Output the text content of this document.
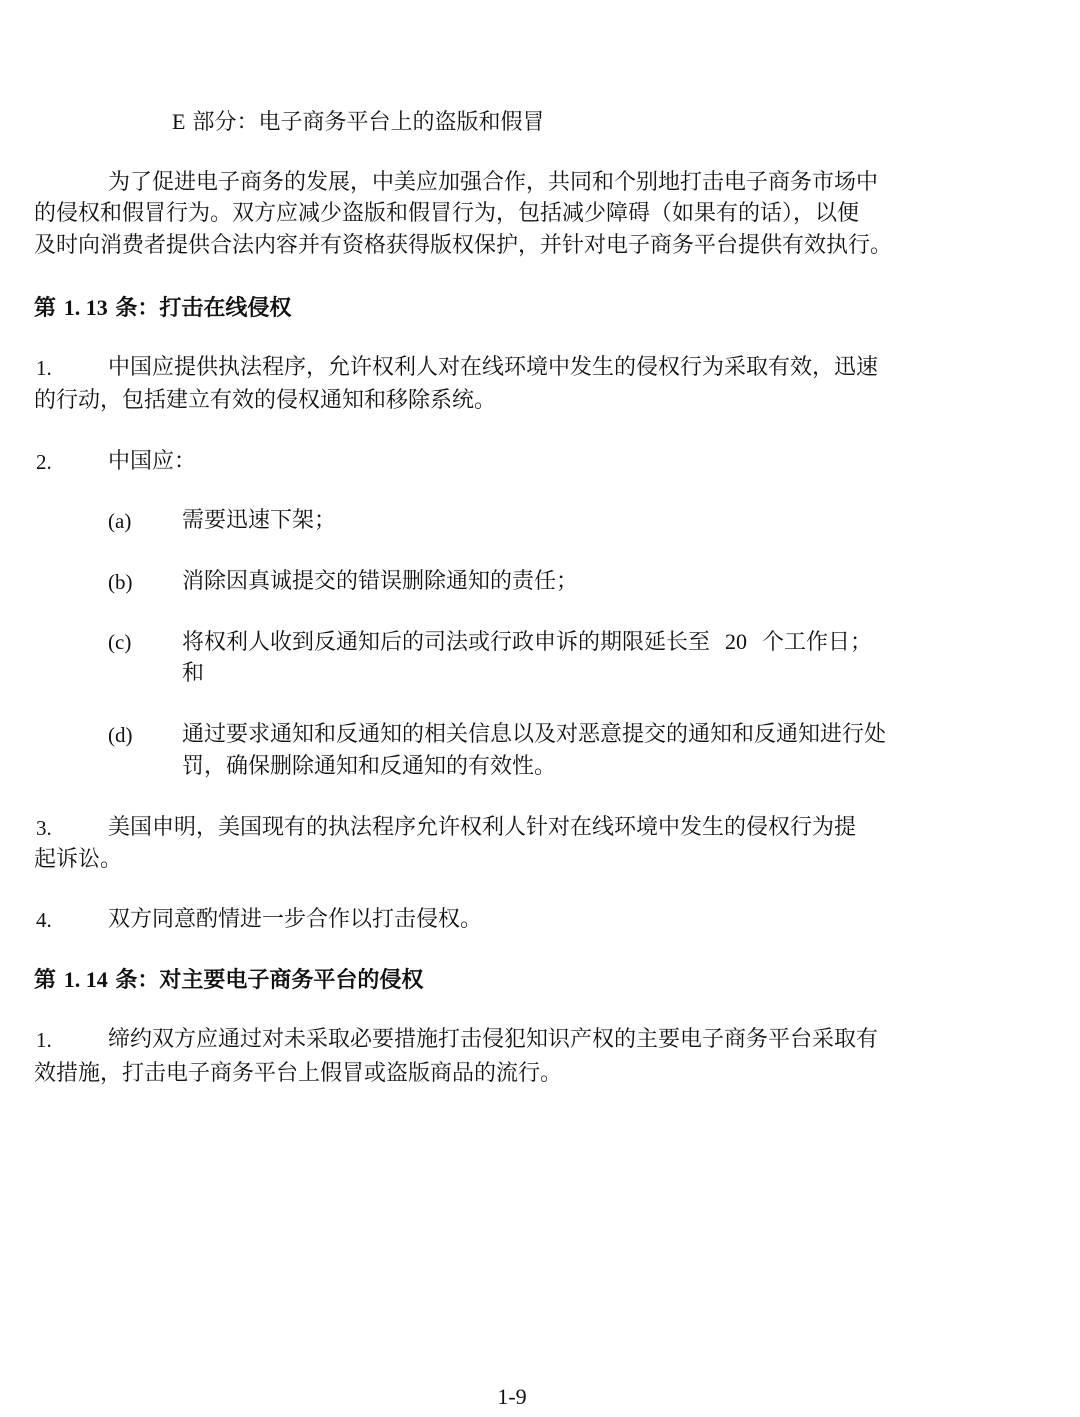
E 部分：电子商务平台上的盗版和假冒
为了促进电子商务的发展，中美应加强合作，共同和个别地打击电子商务市场中
的侵权和假冒行为。双方应减少盗版和假冒行为，包括减少障碍（如果有的话），以便
及时向消费者提供合法内容并有资格获得版权保护，并针对电子商务平台提供有效执行。
第 1. 13 条：打击在线侵权
1.	中国应提供执法程序，允许权利人对在线环境中发生的侵权行为采取有效，迅速
的行动，包括建立有效的侵权通知和移除系统。
2.	中国应：
(a) 需要迅速下架；
(b) 消除因真诚提交的错误删除通知的责任；
(c) 将权利人收到反通知后的司法或行政申诉的期限延长至 20 个工作日；
和
(d) 通过要求通知和反通知的相关信息以及对恶意提交的通知和反通知进行处
罚，确保删除通知和反通知的有效性。
3.	美国申明，美国现有的执法程序允许权利人针对在线环境中发生的侵权行为提
起诉讼。
4.	双方同意酌情进一步合作以打击侵权。
第 1. 14 条：对主要电子商务平台的侵权
1.	缔约双方应通过对未采取必要措施打击侵犯知识产权的主要电子商务平台采取有
效措施，打击电子商务平台上假冒或盗版商品的流行。
1-9
